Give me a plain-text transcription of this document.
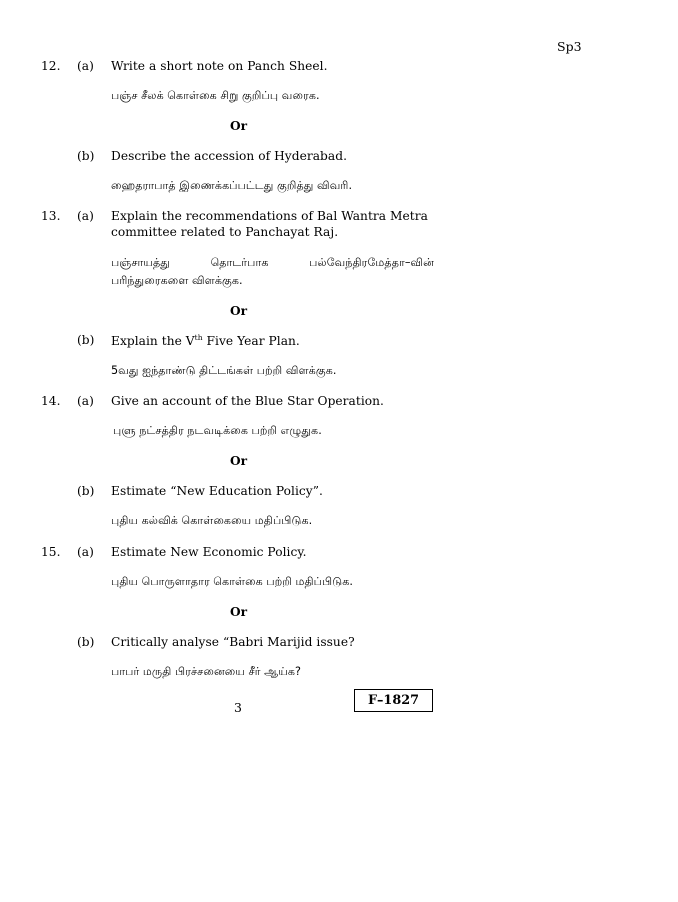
Sp3
12. (a) Write a short note on Panch Sheel.
பஞ்ச சீலக் கொள்கை சிறு குறிப்பு வரைக.
Or
(b) Describe the accession of Hyderabad.
ஹைதராபாத் இணைக்கப்பட்டது குறித்து விவரி.
13. (a) Explain the recommendations of Bal Wantra Metra
committee related to Panchayat Raj.
பஞ்சாயத்து	தொடர்பாக	பல்வேந்திரமேத்தா–வின்
பரிந்துரைகளை விளக்குக.
Or
(b) Explain the Vth Five Year Plan.
5வது ஐந்தாண்டு திட்டங்கள் பற்றி விளக்குக.
14. (a) Give an account of the Blue Star Operation.
புளு நட்சத்திர நடவடிக்கை பற்றி எழுதுக.
Or
(b) Estimate “New Education Policy”.
புதிய கல்விக் கொள்கையை மதிப்பிடுக.
15. (a) Estimate New Economic Policy.
புதிய பொருளாதார கொள்கை பற்றி மதிப்பிடுக.
Or
(b) Critically analyse “Babri Marijid issue?
பாபர் மருதி பிரச்சனையை சீர் ஆய்க?
3	F–1827
